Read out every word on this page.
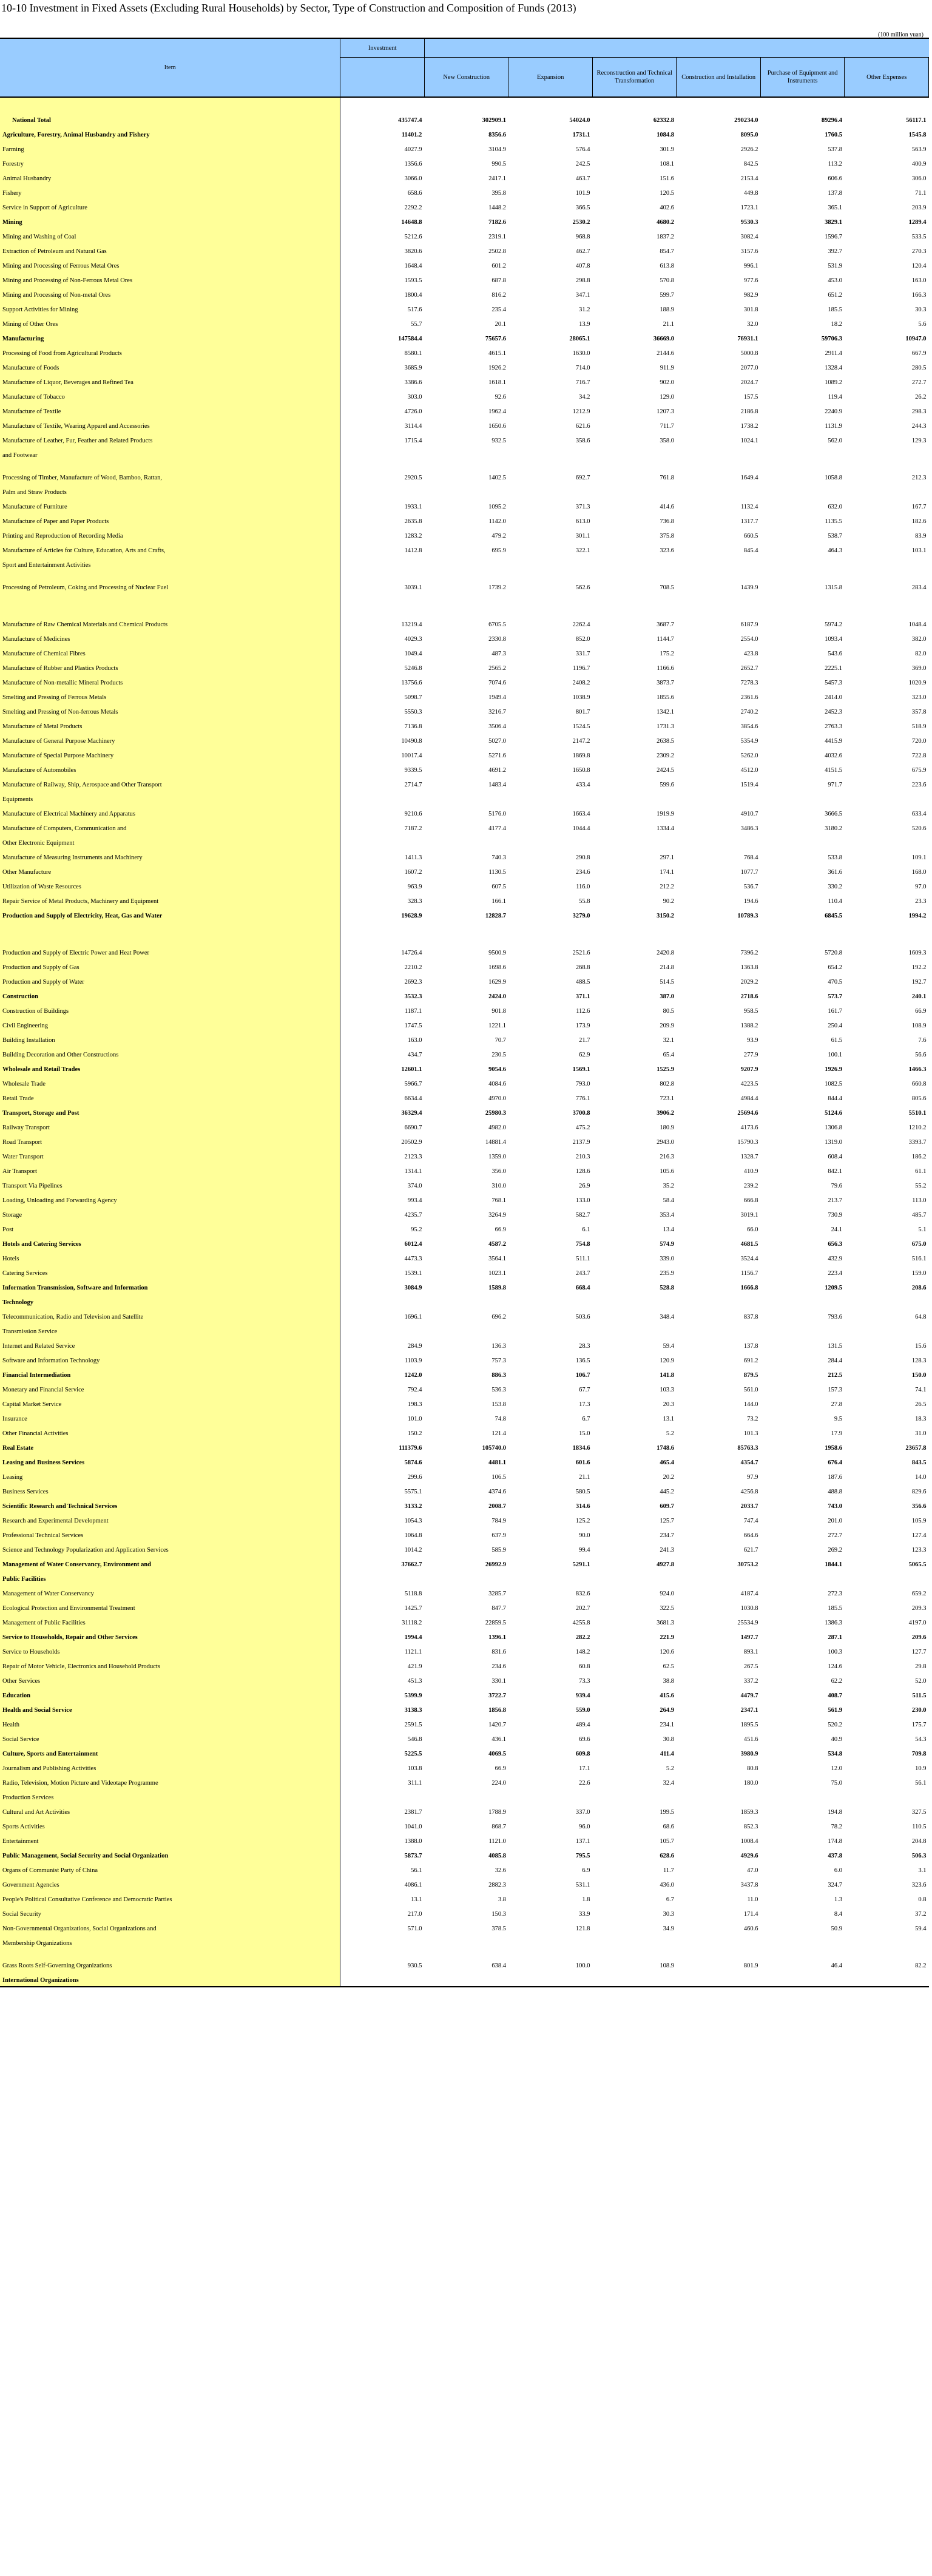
10-10 Investment in Fixed Assets (Excluding Rural Households) by Sector, Type of Construction and Composition of Funds (2013)
(100 million yuan)

Item	Investment						
		New Construction	Expansion	Reconstruction and Technical Transformation	Construction and Installation	Purchase of Equipment and Instruments	Other Expenses

National Total	435747.4	302909.1	54024.0	62332.8	290234.0	89296.4	56117.1
Agriculture, Forestry, Animal Husbandry and Fishery	11401.2	8356.6	1731.1	1084.8	8095.0	1760.5	1545.8
Farming	4027.9	3104.9	576.4	301.9	2926.2	537.8	563.9
Forestry	1356.6	990.5	242.5	108.1	842.5	113.2	400.9
Animal Husbandry	3066.0	2417.1	463.7	151.6	2153.4	606.6	306.0
Fishery	658.6	395.8	101.9	120.5	449.8	137.8	71.1
Service in Support of Agriculture	2292.2	1448.2	366.5	402.6	1723.1	365.1	203.9
Mining	14648.8	7182.6	2530.2	4680.2	9530.3	3829.1	1289.4
Mining and Washing of Coal	5212.6	2319.1	968.8	1837.2	3082.4	1596.7	533.5
Extraction of Petroleum and Natural Gas	3820.6	2502.8	462.7	854.7	3157.6	392.7	270.3
Mining and Processing of Ferrous Metal Ores	1648.4	601.2	407.8	613.8	996.1	531.9	120.4
Mining and Processing of Non-Ferrous Metal Ores	1593.5	687.8	298.8	570.8	977.6	453.0	163.0
Mining and Processing of Non-metal Ores	1800.4	816.2	347.1	599.7	982.9	651.2	166.3
Support Activities for Mining	517.6	235.4	31.2	188.9	301.8	185.5	30.3
Mining of Other Ores	55.7	20.1	13.9	21.1	32.0	18.2	5.6
Manufacturing	147584.4	75657.6	28065.1	36669.0	76931.1	59706.3	10947.0
Processing of Food from Agricultural Products	8580.1	4615.1	1630.0	2144.6	5000.8	2911.4	667.9
Manufacture of Foods	3685.9	1926.2	714.0	911.9	2077.0	1328.4	280.5
Manufacture of Liquor, Beverages and Refined Tea	3386.6	1618.1	716.7	902.0	2024.7	1089.2	272.7
Manufacture of Tobacco	303.0	92.6	34.2	129.0	157.5	119.4	26.2
Manufacture of Textile	4726.0	1962.4	1212.9	1207.3	2186.8	2240.9	298.3
Manufacture of Textile, Wearing Apparel and Accessories	3114.4	1650.6	621.6	711.7	1738.2	1131.9	244.3
Manufacture of Leather, Fur, Feather and Related Products	1715.4	932.5	358.6	358.0	1024.1	562.0	129.3
and Footwear							
Processing of Timber, Manufacture of Wood, Bamboo, Rattan,	2920.5	1402.5	692.7	761.8	1649.4	1058.8	212.3
Palm and Straw Products							
Manufacture of Furniture	1933.1	1095.2	371.3	414.6	1132.4	632.0	167.7
Manufacture of Paper and Paper Products	2635.8	1142.0	613.0	736.8	1317.7	1135.5	182.6
Printing and Reproduction of Recording Media	1283.2	479.2	301.1	375.8	660.5	538.7	83.9
Manufacture of Articles for Culture, Education, Arts and Crafts,	1412.8	695.9	322.1	323.6	845.4	464.3	103.1
Sport and Entertainment Activities							
Processing of Petroleum, Coking and Processing of Nuclear Fuel	3039.1	1739.2	562.6	708.5	1439.9	1315.8	283.4

Manufacture of Raw Chemical Materials and Chemical Products	13219.4	6705.5	2262.4	3687.7	6187.9	5974.2	1048.4
Manufacture of Medicines	4029.3	2330.8	852.0	1144.7	2554.0	1093.4	382.0
Manufacture of Chemical Fibres	1049.4	487.3	331.7	175.2	423.8	543.6	82.0
Manufacture of Rubber and Plastics Products	5246.8	2565.2	1196.7	1166.6	2652.7	2225.1	369.0
Manufacture of Non-metallic Mineral Products	13756.6	7074.6	2408.2	3873.7	7278.3	5457.3	1020.9
Smelting and Pressing of Ferrous Metals	5098.7	1949.4	1038.9	1855.6	2361.6	2414.0	323.0
Smelting and Pressing of Non-ferrous Metals	5550.3	3216.7	801.7	1342.1	2740.2	2452.3	357.8
Manufacture of Metal Products	7136.8	3506.4	1524.5	1731.3	3854.6	2763.3	518.9
Manufacture of General Purpose Machinery	10490.8	5027.0	2147.2	2638.5	5354.9	4415.9	720.0
Manufacture of Special Purpose Machinery	10017.4	5271.6	1869.8	2309.2	5262.0	4032.6	722.8
Manufacture of Automobiles	9339.5	4691.2	1650.8	2424.5	4512.0	4151.5	675.9
Manufacture of Railway, Ship, Aerospace and Other Transport	2714.7	1483.4	433.4	599.6	1519.4	971.7	223.6
Equipments							
Manufacture of Electrical Machinery and Apparatus	9210.6	5176.0	1663.4	1919.9	4910.7	3666.5	633.4
Manufacture of Computers, Communication and	7187.2	4177.4	1044.4	1334.4	3486.3	3180.2	520.6
Other Electronic Equipment							
Manufacture of Measuring Instruments and Machinery	1411.3	740.3	290.8	297.1	768.4	533.8	109.1
Other Manufacture	1607.2	1130.5	234.6	174.1	1077.7	361.6	168.0
Utilization of Waste Resources	963.9	607.5	116.0	212.2	536.7	330.2	97.0
Repair Service of Metal Products, Machinery and Equipment	328.3	166.1	55.8	90.2	194.6	110.4	23.3
Production and Supply of Electricity, Heat, Gas and Water	19628.9	12828.7	3279.0	3150.2	10789.3	6845.5	1994.2

Production and Supply of Electric Power and Heat Power	14726.4	9500.9	2521.6	2420.8	7396.2	5720.8	1609.3
Production and Supply of Gas	2210.2	1698.6	268.8	214.8	1363.8	654.2	192.2
Production and Supply of Water	2692.3	1629.9	488.5	514.5	2029.2	470.5	192.7
Construction	3532.3	2424.0	371.1	387.0	2718.6	573.7	240.1
Construction of Buildings	1187.1	901.8	112.6	80.5	958.5	161.7	66.9
Civil Engineering	1747.5	1221.1	173.9	209.9	1388.2	250.4	108.9
Building Installation	163.0	70.7	21.7	32.1	93.9	61.5	7.6
Building Decoration and Other Constructions	434.7	230.5	62.9	65.4	277.9	100.1	56.6
Wholesale and Retail Trades	12601.1	9054.6	1569.1	1525.9	9207.9	1926.9	1466.3
Wholesale Trade	5966.7	4084.6	793.0	802.8	4223.5	1082.5	660.8
Retail Trade	6634.4	4970.0	776.1	723.1	4984.4	844.4	805.6
Transport, Storage and Post	36329.4	25980.3	3700.8	3906.2	25694.6	5124.6	5510.1
Railway Transport	6690.7	4982.0	475.2	180.9	4173.6	1306.8	1210.2
Road Transport	20502.9	14881.4	2137.9	2943.0	15790.3	1319.0	3393.7
Water Transport	2123.3	1359.0	210.3	216.3	1328.7	608.4	186.2
Air Transport	1314.1	356.0	128.6	105.6	410.9	842.1	61.1
Transport Via Pipelines	374.0	310.0	26.9	35.2	239.2	79.6	55.2
Loading, Unloading and Forwarding Agency	993.4	768.1	133.0	58.4	666.8	213.7	113.0
Storage	4235.7	3264.9	582.7	353.4	3019.1	730.9	485.7
Post	95.2	66.9	6.1	13.4	66.0	24.1	5.1
Hotels and Catering Services	6012.4	4587.2	754.8	574.9	4681.5	656.3	675.0
Hotels	4473.3	3564.1	511.1	339.0	3524.4	432.9	516.1
Catering Services	1539.1	1023.1	243.7	235.9	1156.7	223.4	159.0
Information Transmission, Software and Information	3084.9	1589.8	668.4	528.8	1666.8	1209.5	208.6
Technology							
Telecommunication, Radio and Television and Satellite	1696.1	696.2	503.6	348.4	837.8	793.6	64.8
Transmission Service							
Internet and Related Service	284.9	136.3	28.3	59.4	137.8	131.5	15.6
Software and Information Technology	1103.9	757.3	136.5	120.9	691.2	284.4	128.3
Financial Intermediation	1242.0	886.3	106.7	141.8	879.5	212.5	150.0
Monetary and Financial Service	792.4	536.3	67.7	103.3	561.0	157.3	74.1
Capital Market Service	198.3	153.8	17.3	20.3	144.0	27.8	26.5
Insurance	101.0	74.8	6.7	13.1	73.2	9.5	18.3
Other Financial Activities	150.2	121.4	15.0	5.2	101.3	17.9	31.0
Real Estate	111379.6	105740.0	1834.6	1748.6	85763.3	1958.6	23657.8
Leasing and Business Services	5874.6	4481.1	601.6	465.4	4354.7	676.4	843.5
Leasing	299.6	106.5	21.1	20.2	97.9	187.6	14.0
Business Services	5575.1	4374.6	580.5	445.2	4256.8	488.8	829.6
Scientific Research and Technical Services	3133.2	2008.7	314.6	609.7	2033.7	743.0	356.6
Research and Experimental Development	1054.3	784.9	125.2	125.7	747.4	201.0	105.9
Professional Technical Services	1064.8	637.9	90.0	234.7	664.6	272.7	127.4
Science and Technology Popularization and Application Services	1014.2	585.9	99.4	241.3	621.7	269.2	123.3
Management of Water Conservancy, Environment and	37662.7	26992.9	5291.1	4927.8	30753.2	1844.1	5065.5
Public Facilities							
Management of Water Conservancy	5118.8	3285.7	832.6	924.0	4187.4	272.3	659.2
Ecological Protection and Environmental Treatment	1425.7	847.7	202.7	322.5	1030.8	185.5	209.3
Management of Public Facilities	31118.2	22859.5	4255.8	3681.3	25534.9	1386.3	4197.0
Service to Households, Repair and Other Services	1994.4	1396.1	282.2	221.9	1497.7	287.1	209.6
Service to Households	1121.1	831.6	148.2	120.6	893.1	100.3	127.7
Repair of Motor Vehicle, Electronics and Household Products	421.9	234.6	60.8	62.5	267.5	124.6	29.8
Other Services	451.3	330.1	73.3	38.8	337.2	62.2	52.0
Education	5399.9	3722.7	939.4	415.6	4479.7	408.7	511.5
Health and Social Service	3138.3	1856.8	559.0	264.9	2347.1	561.9	230.0
Health	2591.5	1420.7	489.4	234.1	1895.5	520.2	175.7
Social Service	546.8	436.1	69.6	30.8	451.6	40.9	54.3
Culture, Sports and Entertainment	5225.5	4069.5	609.8	411.4	3980.9	534.8	709.8
Journalism and Publishing Activities	103.8	66.9	17.1	5.2	80.8	12.0	10.9
Radio, Television, Motion Picture and Videotape Programme	311.1	224.0	22.6	32.4	180.0	75.0	56.1
Production Services							
Cultural and Art Activities	2381.7	1788.9	337.0	199.5	1859.3	194.8	327.5
Sports Activities	1041.0	868.7	96.0	68.6	852.3	78.2	110.5
Entertainment	1388.0	1121.0	137.1	105.7	1008.4	174.8	204.8
Public Management, Social Security and Social Organization	5873.7	4085.8	795.5	628.6	4929.6	437.8	506.3
Organs of Communist Party of China	56.1	32.6	6.9	11.7	47.0	6.0	3.1
Government Agencies	4086.1	2882.3	531.1	436.0	3437.8	324.7	323.6
People's Political Consultative Conference and Democratic Parties	13.1	3.8	1.8	6.7	11.0	1.3	0.8
Social Security	217.0	150.3	33.9	30.3	171.4	8.4	37.2
Non-Governmental Organizations, Social Organizations and	571.0	378.5	121.8	34.9	460.6	50.9	59.4
Membership Organizations							
Grass Roots Self-Governing Organizations	930.5	638.4	100.0	108.9	801.9	46.4	82.2
International Organizations							
